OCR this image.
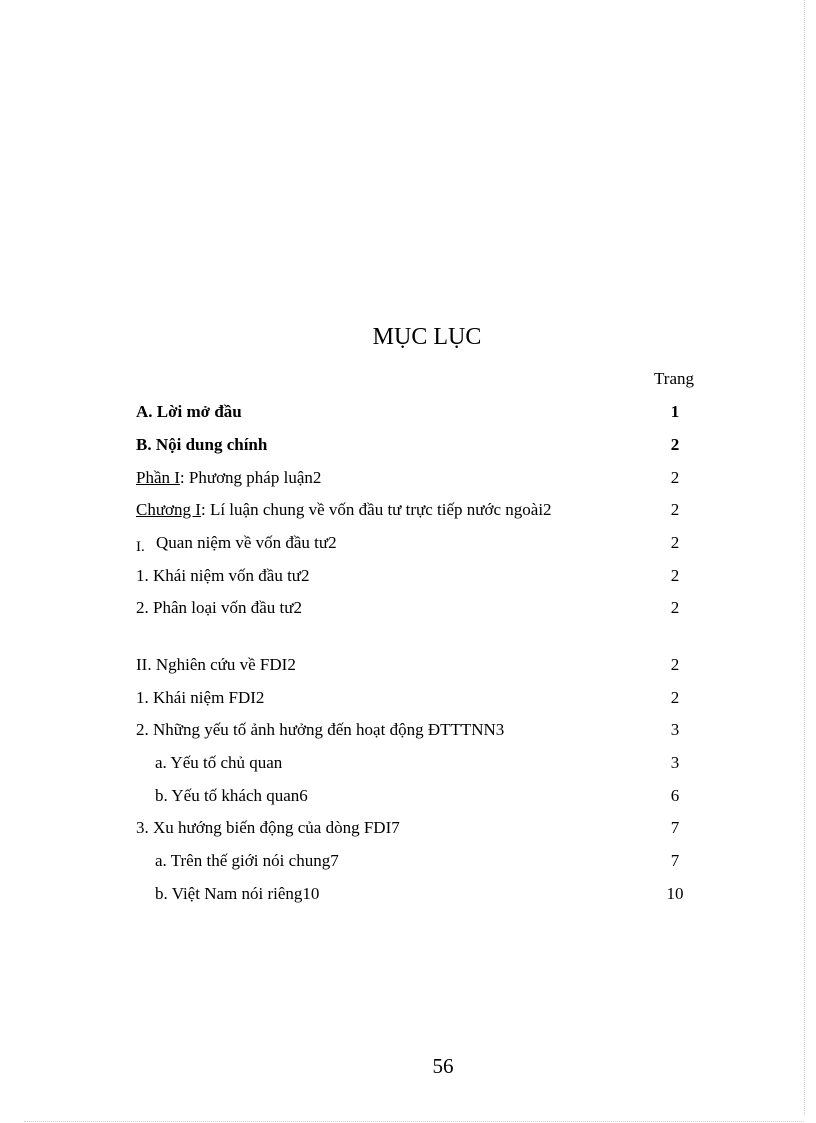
MỤC LỤC
Trang
A. Lời mở đầu	1
B. Nội dung chính	2
Phần I: Phương pháp luận2	2
Chương I: Lí luận chung về vốn đầu tư trực tiếp nước ngoài2	2
I. Quan niệm về vốn đầu tư2	2
1. Khái niệm vốn đầu tư2	2
2. Phân loại vốn đầu tư2	2
II. Nghiên cứu về FDI2	2
1. Khái niệm FDI2	2
2. Những yếu tố ảnh hưởng đến hoạt động ĐTTTNN3	3
a. Yếu tố chủ quan	3
b. Yếu tố khách quan6	6
3. Xu hướng biến động của dòng FDI7	7
a. Trên thế giới nói chung7	7
b. Việt Nam nói riêng10	10
56
